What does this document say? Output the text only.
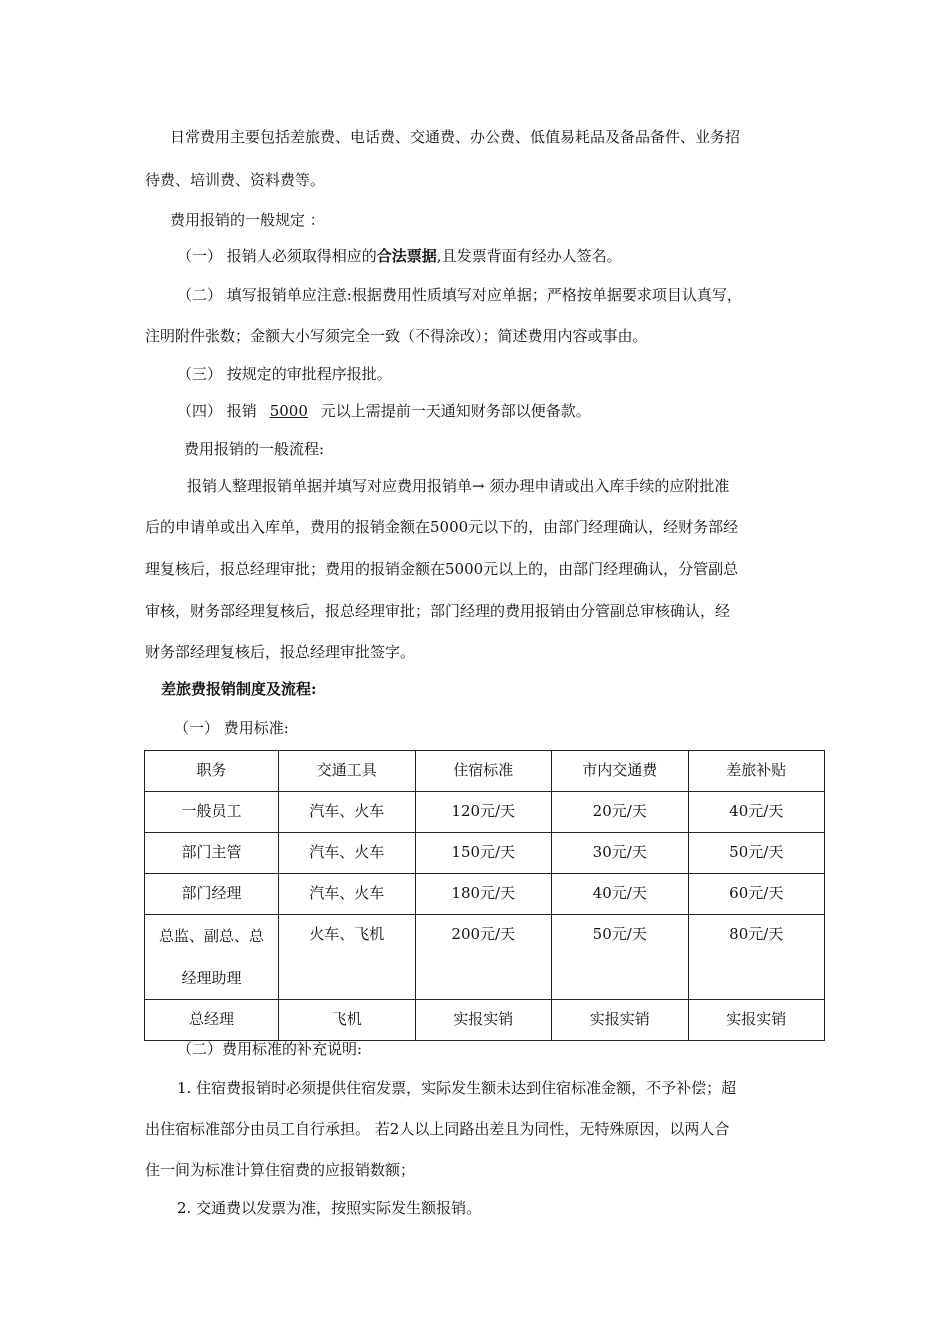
日常费用主要包括差旅费、电话费、交通费、办公费、低值易耗品及备品备件、业务招
待费、培训费、资料费等。
费用报销的一般规定 ：
（一） 报销人必须取得相应的合法票据,且发票背面有经办人签名。
（二） 填写报销单应注意:根据费用性质填写对应单据；严格按单据要求项目认真写，
注明附件张数；金额大小写须完全一致（不得涂改）；简述费用内容或事由。
（三） 按规定的审批程序报批。
（四） 报销 5000 元以上需提前一天通知财务部以便备款。
费用报销的一般流程:
报销人整理报销单据并填写对应费用报销单→ 须办理申请或出入库手续的应附批准
后的申请单或出入库单，费用的报销金额在5000元以下的，由部门经理确认，经财务部经
理复核后，报总经理审批；费用的报销金额在5000元以上的，由部门经理确认，分管副总
审核，财务部经理复核后，报总经理审批；部门经理的费用报销由分管副总审核确认，经
财务部经理复核后，报总经理审批签字。
差旅费报销制度及流程:
（一） 费用标准:
职务	交通工具	住宿标准	市内交通费	差旅补贴
一般员工	汽车、火车	120元/天	20元/天	40元/天
部门主管	汽车、火车	150元/天	30元/天	50元/天
部门经理	汽车、火车	180元/天	40元/天	60元/天

总监、副总、总
经理助理	火车、飞机	200元/天	50元/天	80元/天
总经理	飞机	实报实销	实报实销	实报实销
（二）费用标准的补充说明:
1. 住宿费报销时必须提供住宿发票，实际发生额未达到住宿标准金额，不予补偿；超
出住宿标准部分由员工自行承担。 若2人以上同路出差且为同性，无特殊原因，以两人合
住一间为标准计算住宿费的应报销数额；
2. 交通费以发票为准，按照实际发生额报销。
